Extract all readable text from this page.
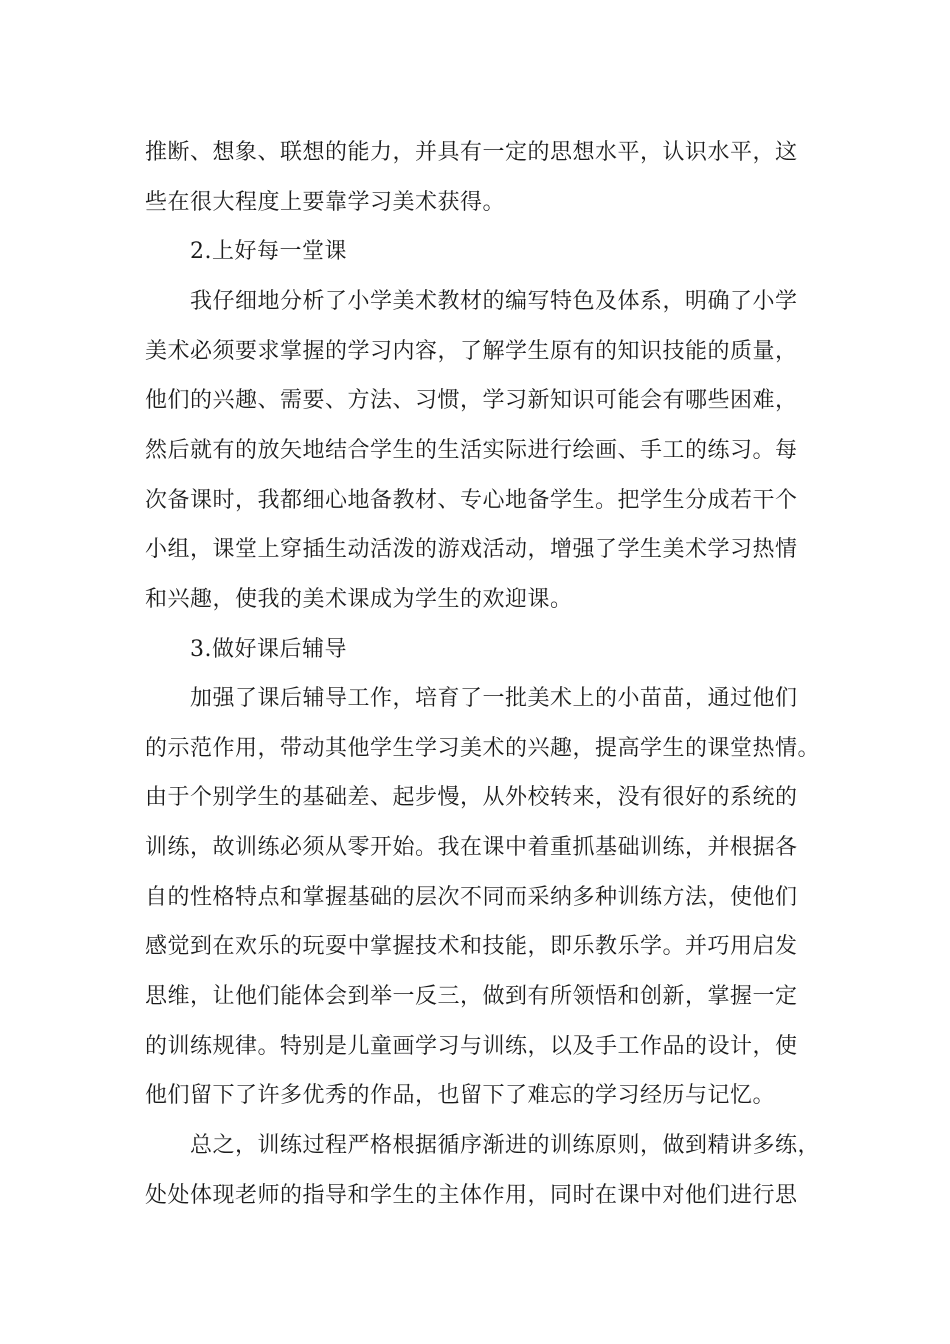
推断、想象、联想的能力，并具有一定的思想水平，认识水平，这
些在很大程度上要靠学习美术获得。
2.上好每一堂课
我仔细地分析了小学美术教材的编写特色及体系，明确了小学
美术必须要求掌握的学习内容，了解学生原有的知识技能的质量，
他们的兴趣、需要、方法、习惯，学习新知识可能会有哪些困难，
然后就有的放矢地结合学生的生活实际进行绘画、手工的练习。每
次备课时，我都细心地备教材、专心地备学生。把学生分成若干个
小组，课堂上穿插生动活泼的游戏活动，增强了学生美术学习热情
和兴趣，使我的美术课成为学生的欢迎课。
3.做好课后辅导
加强了课后辅导工作，培育了一批美术上的小苗苗，通过他们
的示范作用，带动其他学生学习美术的兴趣，提高学生的课堂热情。
由于个别学生的基础差、起步慢，从外校转来，没有很好的系统的
训练，故训练必须从零开始。我在课中着重抓基础训练，并根据各
自的性格特点和掌握基础的层次不同而采纳多种训练方法，使他们
感觉到在欢乐的玩耍中掌握技术和技能，即乐教乐学。并巧用启发
思维，让他们能体会到举一反三，做到有所领悟和创新，掌握一定
的训练规律。特别是儿童画学习与训练，以及手工作品的设计，使
他们留下了许多优秀的作品，也留下了难忘的学习经历与记忆。
总之，训练过程严格根据循序渐进的训练原则，做到精讲多练，
处处体现老师的指导和学生的主体作用，同时在课中对他们进行思
